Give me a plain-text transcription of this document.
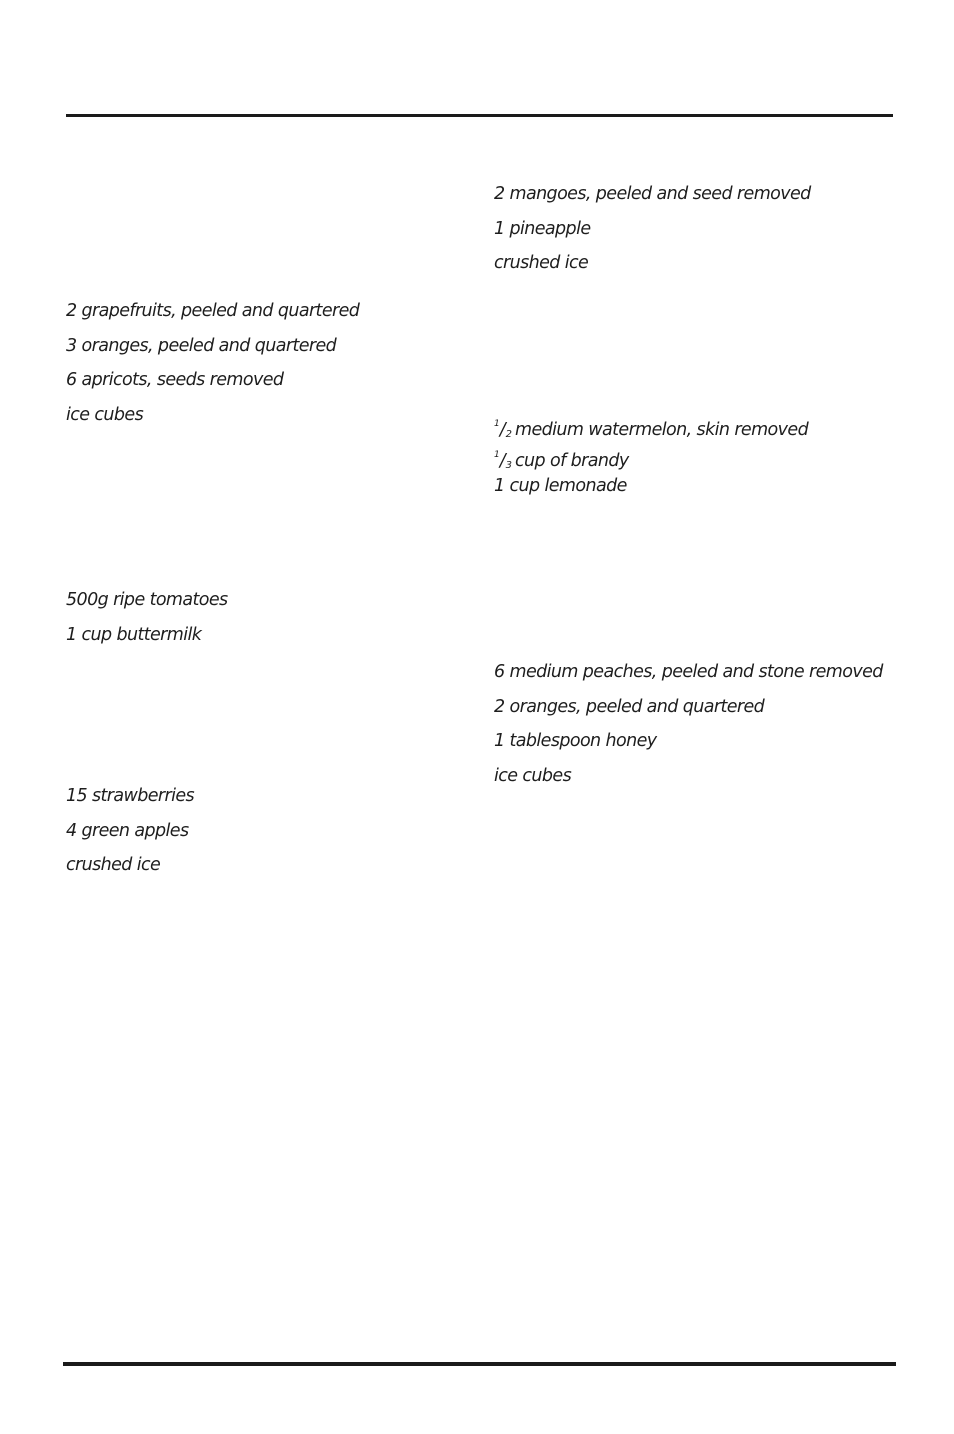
2 mangoes, peeled and seed removed
1 pineapple
crushed ice
2 grapefruits, peeled and quartered
3 oranges, peeled and quartered
6 apricots, seeds removed
ice cubes	$^1$/2 medium watermelon, skin removed
$^1$/3 cup of brandy
1 cup lemonade
500g ripe tomatoes
1 cup buttermilk
6 medium peaches, peeled and stone removed
2 oranges, peeled and quartered
1 tablespoon honey
ice cubes
15 strawberries
4 green apples
crushed ice
